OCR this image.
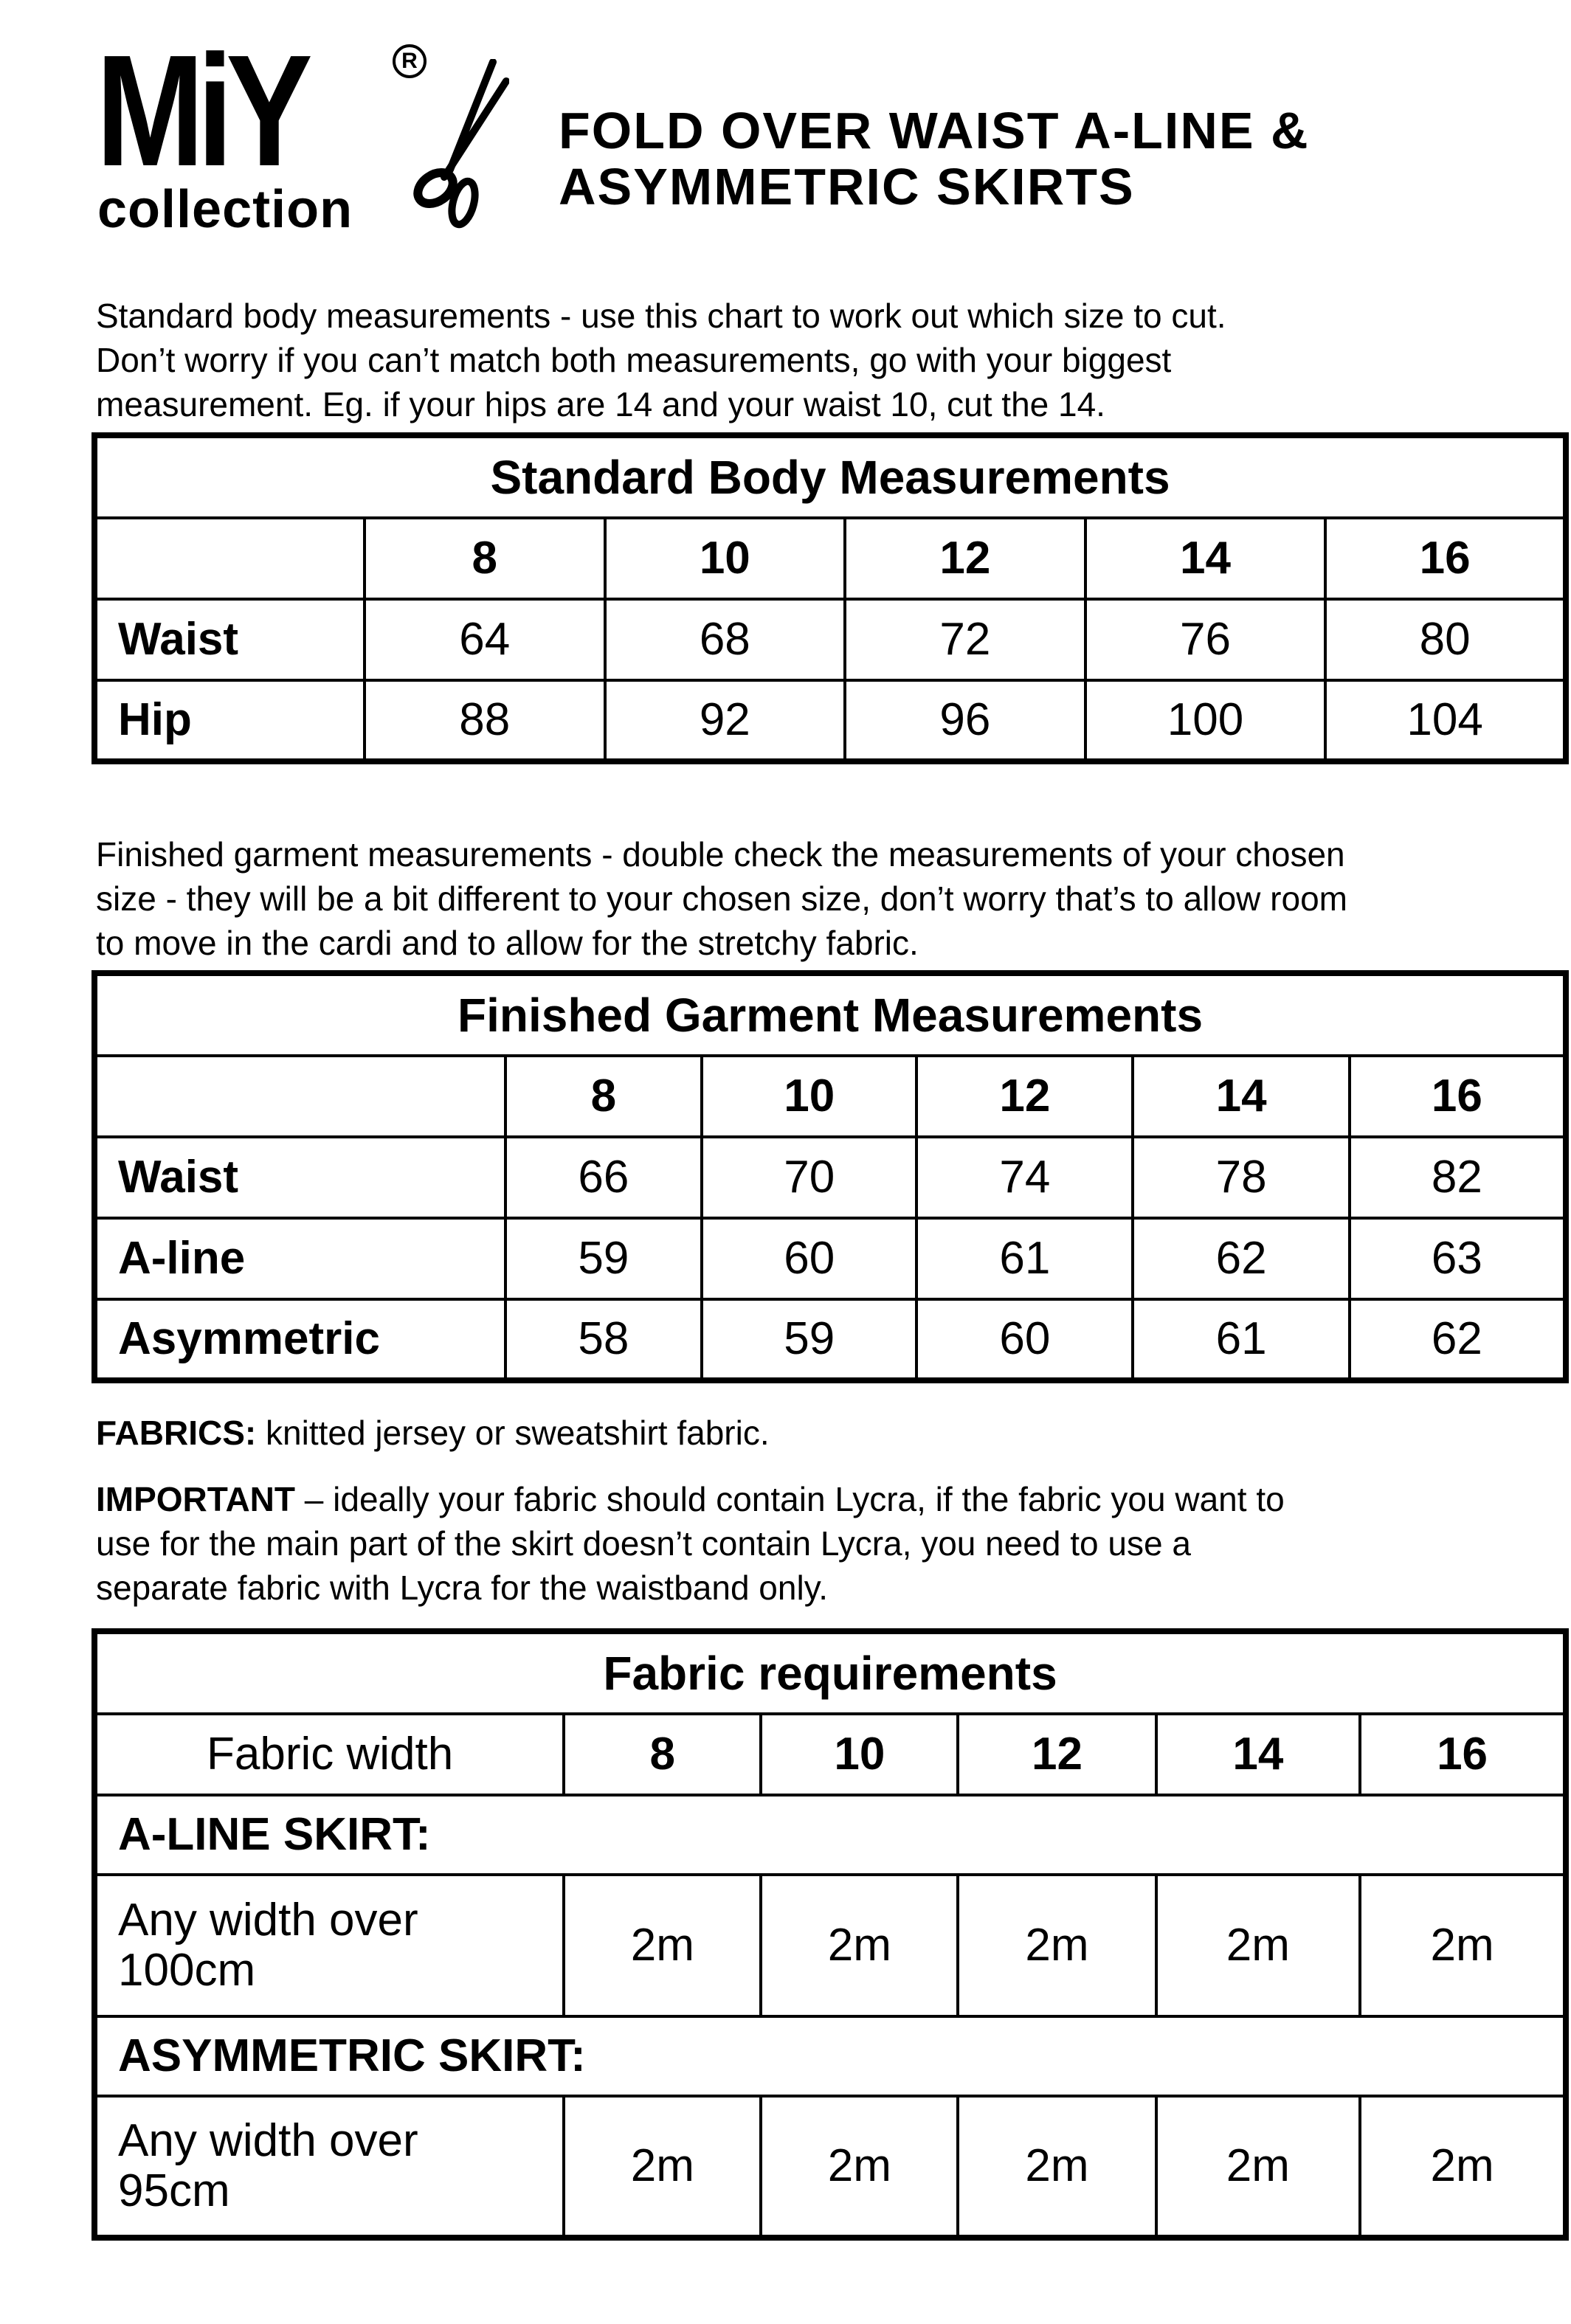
MiY	R
collection
FOLD OVER WAIST A-LINE &
ASYMMETRIC SKIRTS

Standard body measurements - use this chart to work out which size to cut.
Don’t worry if you can’t match both measurements, go with your biggest
measurement. Eg. if your hips are 14 and your waist 10, cut the 14.

Standard Body Measurements					
	8	10	12	14	16
Waist	64	68	72	76	80
Hip	88	92	96	100	104

Finished garment measurements - double check the measurements of your chosen
size - they will be a bit different to your chosen size, don’t worry that’s to allow room
to move in the cardi and to allow for the stretchy fabric.

Finished Garment Measurements					
	8	10	12	14	16
Waist	66	70	74	78	82
A-line	59	60	61	62	63
Asymmetric	58	59	60	61	62

FABRICS: knitted jersey or sweatshirt fabric.

IMPORTANT – ideally your fabric should contain Lycra, if the fabric you want to
use for the main part of the skirt doesn’t contain Lycra, you need to use a
separate fabric with Lycra for the waistband only.

Fabric requirements					
Fabric width	8	10	12	14	16
A-LINE SKIRT:					

Any width over
100cm	2m	2m	2m	2m	2m
ASYMMETRIC SKIRT:					

Any width over
95cm	2m	2m	2m	2m	2m
